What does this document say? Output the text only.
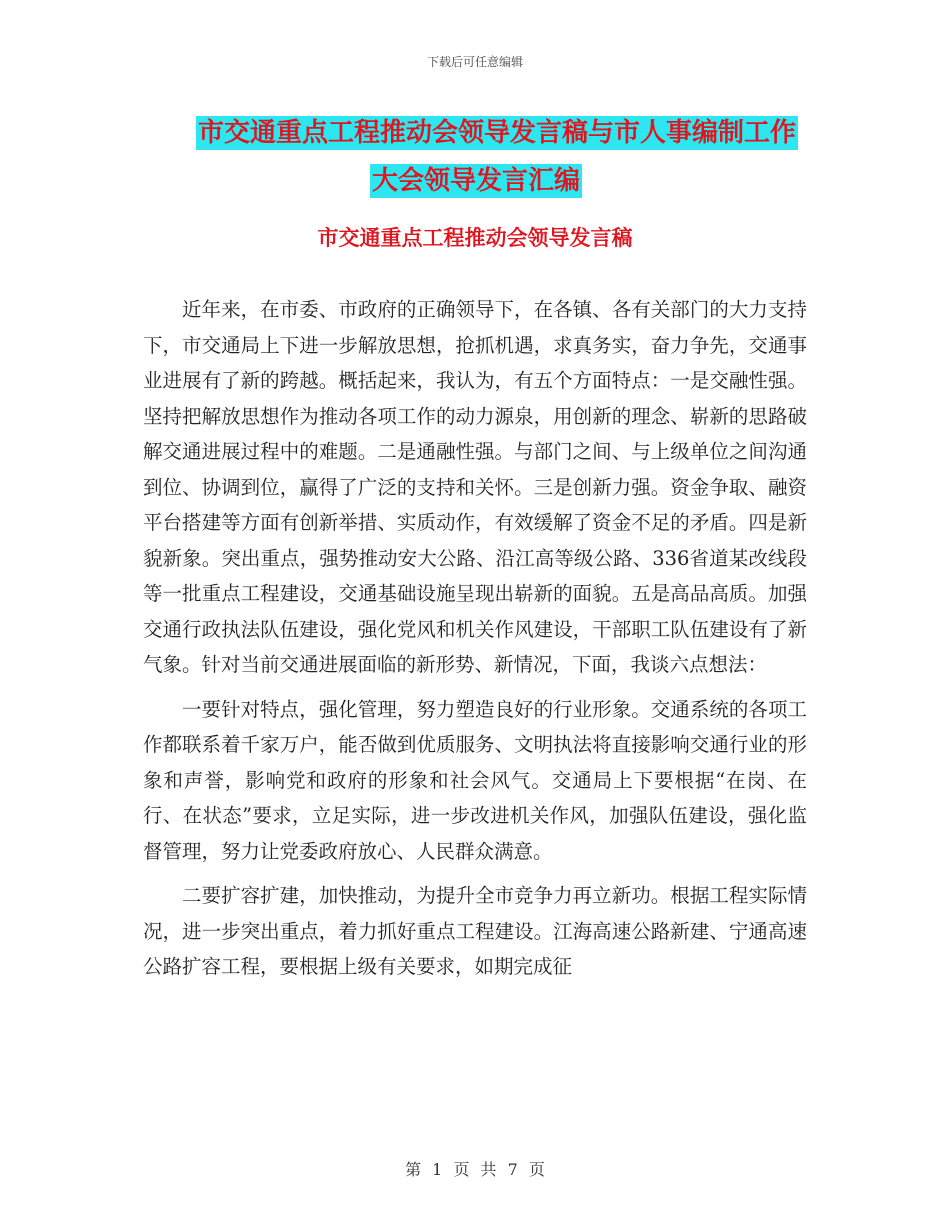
下载后可任意编辑
市交通重点工程推动会领导发言稿与市人事编制工作
大会领导发言汇编
市交通重点工程推动会领导发言稿

近年来，在市委、市政府的正确领导下，在各镇、各有关部门的大力支持下，市交通局上下进一步解放思想，抢抓机遇，求真务实，奋力争先，交通事业进展有了新的跨越。概括起来，我认为，有五个方面特点：一是交融性强。坚持把解放思想作为推动各项工作的动力源泉，用创新的理念、崭新的思路破解交通进展过程中的难题。二是通融性强。与部门之间、与上级单位之间沟通到位、协调到位，赢得了广泛的支持和关怀。三是创新力强。资金争取、融资平台搭建等方面有创新举措、实质动作，有效缓解了资金不足的矛盾。四是新貌新象。突出重点，强势推动安大公路、沿江高等级公路、336省道某改线段等一批重点工程建设，交通基础设施呈现出崭新的面貌。五是高品高质。加强交通行政执法队伍建设，强化党风和机关作风建设，干部职工队伍建设有了新气象。针对当前交通进展面临的新形势、新情况，下面，我谈六点想法：

一要针对特点，强化管理，努力塑造良好的行业形象。交通系统的各项工作都联系着千家万户，能否做到优质服务、文明执法将直接影响交通行业的形象和声誉，影响党和政府的形象和社会风气。交通局上下要根据“在岗、在行、在状态”要求，立足实际，进一步改进机关作风，加强队伍建设，强化监督管理，努力让党委政府放心、人民群众满意。

二要扩容扩建，加快推动，为提升全市竞争力再立新功。根据工程实际情况，进一步突出重点，着力抓好重点工程建设。江海高速公路新建、宁通高速公路扩容工程，要根据上级有关要求，如期完成征

第 1 页 共 7 页
